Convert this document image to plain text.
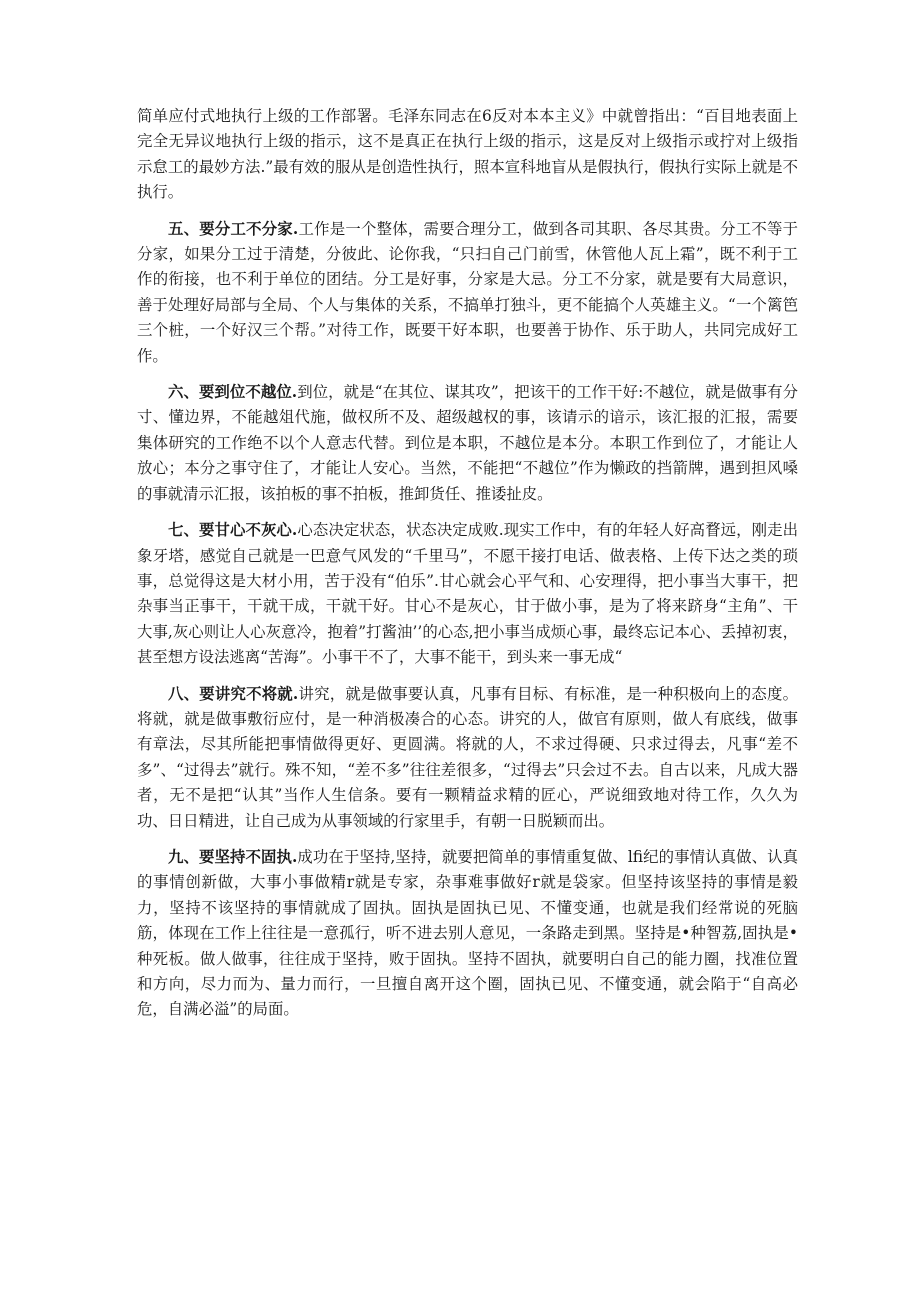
简单应付式地执行上级的工作部署。毛泽东同志在6反对本本主义》中就曾指出：“百目地表面上完全无异议地执行上级的指示，这不是真正在执行上级的指示，这是反对上级指示或拧对上级指示怠工的最妙方法.”最有效的服从是创造性执行，照本宣科地盲从是假执行，假执行实际上就是不执行。

五、要分工不分家.工作是一个整体，需要合理分工，做到各司其职、各尽其贵。分工不等于分家，如果分工过于清楚，分彼此、论你我，“只扫自己门前雪，休管他人瓦上霜”，既不利于工作的衔接，也不利于单位的团结。分工是好事，分家是大忌。分工不分家，就是要有大局意识，善于处理好局部与全局、个人与集体的关系，不搞单打独斗，更不能搞个人英雄主义。“一个篱笆三个桩，一个好汉三个帮。”对待工作，既要干好本职，也要善于协作、乐于助人，共同完成好工作。

六、要到位不越位.到位，就是“在其位、谋其攻”，把该干的工作干好:不越位，就是做事有分寸、懂边界，不能越俎代施，做权所不及、超级越权的事，该请示的谙示，该汇报的汇报，需要集体研究的工作绝不以个人意志代替。到位是本职，不越位是本分。本职工作到位了，才能让人放心；本分之事守住了，才能让人安心。当然，不能把“不越位”作为懒政的挡箭牌，遇到担风嗓的事就清示汇报，该拍板的事不拍板，推卸货任、推诿扯皮。

七、要甘心不灰心.心态决定状态，状态决定成败.现实工作中，有的年轻人好高瞀远，刚走出象牙塔，感觉自己就是一巴意气风发的“千里马”，不愿干接打电话、做表格、上传下达之类的琐事，总觉得这是大材小用，苦于没有“伯乐”.甘心就会心平气和、心安理得，把小事当大事干，把杂事当正事干，干就干成，干就干好。甘心不是灰心，甘于做小事，是为了将来跻身“主角”、干大事,灰心则让人心灰意冷，抱着”打酱油’’的心态,把小事当成烦心事，最终忘记本心、丢掉初衷，甚至想方设法逃离“苦海”。小事干不了，大事不能干，到头来一事无成“

八、要讲究不将就.讲究，就是做事要认真，凡事有目标、有标准，是一种积极向上的态度。将就，就是做事敷衍应付，是一种消极凑合的心态。讲究的人，做官有原则，做人有底线，做事有章法，尽其所能把事情做得更好、更圆满。将就的人，不求过得硬、只求过得去，凡事“差不多”、“过得去”就行。殊不知，“差不多”往往差很多，“过得去”只会过不去。自古以来，凡成大器者，无不是把“认其”当作人生信条。要有一颗精益求精的匠心，严说细致地对待工作，久久为功、日日精进，让自己成为从事领域的行家里手，有朝一日脱颖而出。

九、要坚持不固执.成功在于坚持,坚持，就要把简单的事情重复做、lfi纪的事情认真做、认真的事情创新做，大事小事做精r就是专家，杂事难事做好r就是袋家。但坚持该坚持的事情是毅力，坚持不该坚持的事情就成了固执。固执是固执已见、不懂变通，也就是我们经常说的死脑筋，体现在工作上往往是一意孤行，听不进去别人意见，一条路走到黑。坚持是•种智荔,固执是•种死板。做人做事，往往成于坚持，败于固执。坚持不固执，就要明白自己的能力圈，找准位置和方向，尽力而为、量力而行，一旦擅自离开这个圈，固执已见、不懂变通，就会陷于“自高必危，自满必溢”的局面。
